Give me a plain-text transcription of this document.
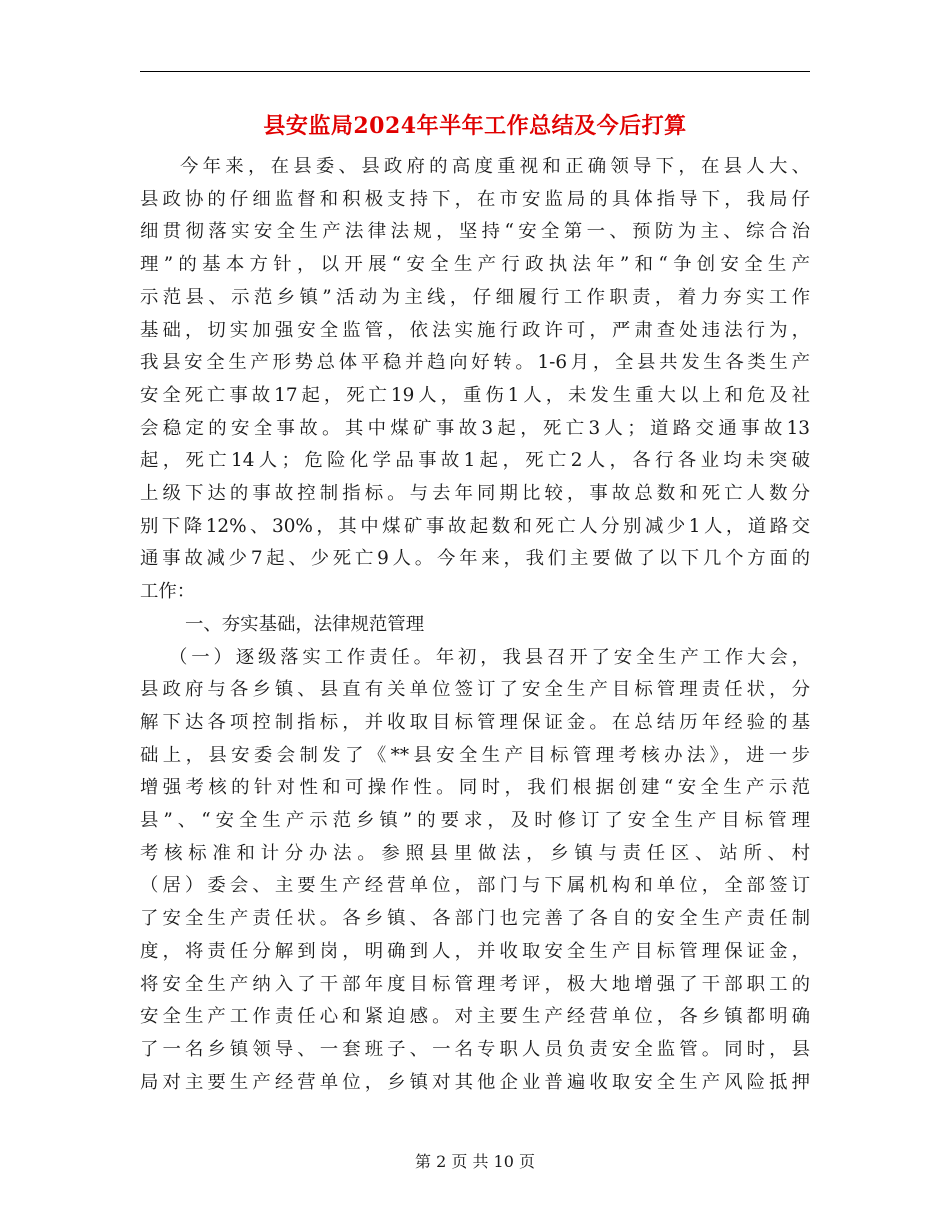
县安监局2024年半年工作总结及今后打算
今年来，在县委、县政府的高度重视和正确领导下，在县人大、
县政协的仔细监督和积极支持下，在市安监局的具体指导下，我局仔
细贯彻落实安全生产法律法规，坚持“安全第一、预防为主、综合治
理”的基本方针，以开展“安全生产行政执法年”和“争创安全生产
示范县、示范乡镇”活动为主线，仔细履行工作职责，着力夯实工作
基础，切实加强安全监管，依法实施行政许可，严肃查处违法行为，
我县安全生产形势总体平稳并趋向好转。1-6月，全县共发生各类生产
安全死亡事故17起，死亡19人，重伤1人，未发生重大以上和危及社
会稳定的安全事故。其中煤矿事故3起，死亡3人；道路交通事故13
起，死亡14人；危险化学品事故1起，死亡2人，各行各业均未突破
上级下达的事故控制指标。与去年同期比较，事故总数和死亡人数分
别下降12%、30%，其中煤矿事故起数和死亡人分别减少1人，道路交
通事故减少7起、少死亡9人。今年来，我们主要做了以下几个方面的
工作：
一、夯实基础，法律规范管理
（一）逐级落实工作责任。年初，我县召开了安全生产工作大会，
县政府与各乡镇、县直有关单位签订了安全生产目标管理责任状，分
解下达各项控制指标，并收取目标管理保证金。在总结历年经验的基
础上，县安委会制发了《**县安全生产目标管理考核办法》，进一步
增强考核的针对性和可操作性。同时，我们根据创建“安全生产示范
县”、“安全生产示范乡镇”的要求，及时修订了安全生产目标管理
考核标准和计分办法。参照县里做法，乡镇与责任区、站所、村
（居）委会、主要生产经营单位，部门与下属机构和单位，全部签订
了安全生产责任状。各乡镇、各部门也完善了各自的安全生产责任制
度，将责任分解到岗，明确到人，并收取安全生产目标管理保证金，
将安全生产纳入了干部年度目标管理考评，极大地增强了干部职工的
安全生产工作责任心和紧迫感。对主要生产经营单位，各乡镇都明确
了一名乡镇领导、一套班子、一名专职人员负责安全监管。同时，县
局对主要生产经营单位，乡镇对其他企业普遍收取安全生产风险抵押
第 2 页 共 10 页
